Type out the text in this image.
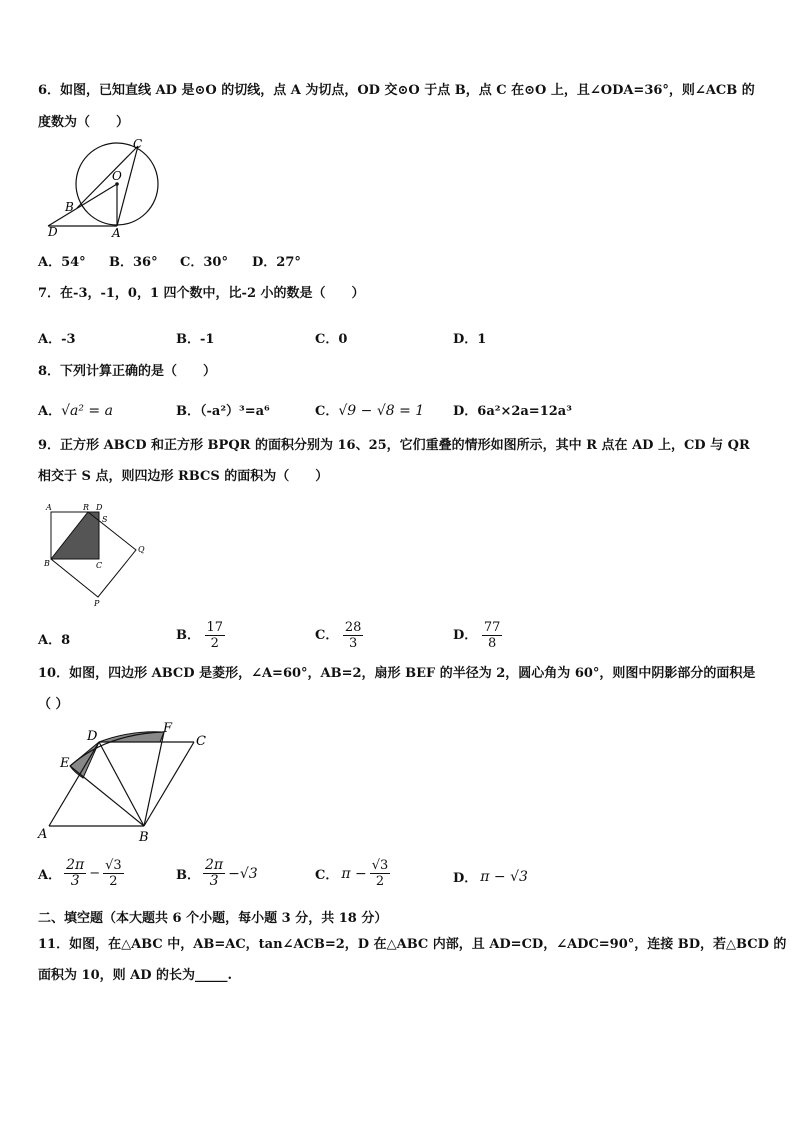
6．如图，已知直线 AD 是⊙O 的切线，点 A 为切点，OD 交⊙O 于点 B，点 C 在⊙O 上，且∠ODA=36°，则∠ACB 的
度数为（　　）
C
O
B
D	A
A．54° B．36° C．30° D．27°
7．在-3，-1，0，1 四个数中，比-2 小的数是（　　）
A．-3	B．-1	C．0	D．1
8．下列计算正确的是（　　）
A．√a² = a	B．（-a²）³=a⁶	C．√9 − √8 = 1 D．6a²×2a=12a³
9．正方形 ABCD 和正方形 BPQR 的面积分别为 16、25，它们重叠的情形如图所示，其中 R 点在 AD 上，CD 与 QR
相交于 S 点，则四边形 RBCS 的面积为（　　）
A	R D
S
Q
B	C
P
A．8	B． $\frac{17}{2}$	C． $\frac{28}{3}$	D． $\frac{77}{8}$
10．如图，四边形 ABCD 是菱形，∠A=60°，AB=2，扇形 BEF 的半径为 2，圆心角为 60°，则图中阴影部分的面积是
（ ）
D
F
C
E
A	B
A． $\frac{2\pi}{3} - \frac{√3}{2}$	B． $\frac{2\pi}{3} -√3$	C． $\pi - \frac{√3}{2}$	D． π − √3
二、填空题（本大题共 6 个小题，每小题 3 分，共 18 分）
11．如图，在△ABC 中，AB=AC，tan∠ACB=2，D 在△ABC 内部，且 AD=CD，∠ADC=90°，连接 BD，若△BCD 的
面积为 10，则 AD 的长为_____.
